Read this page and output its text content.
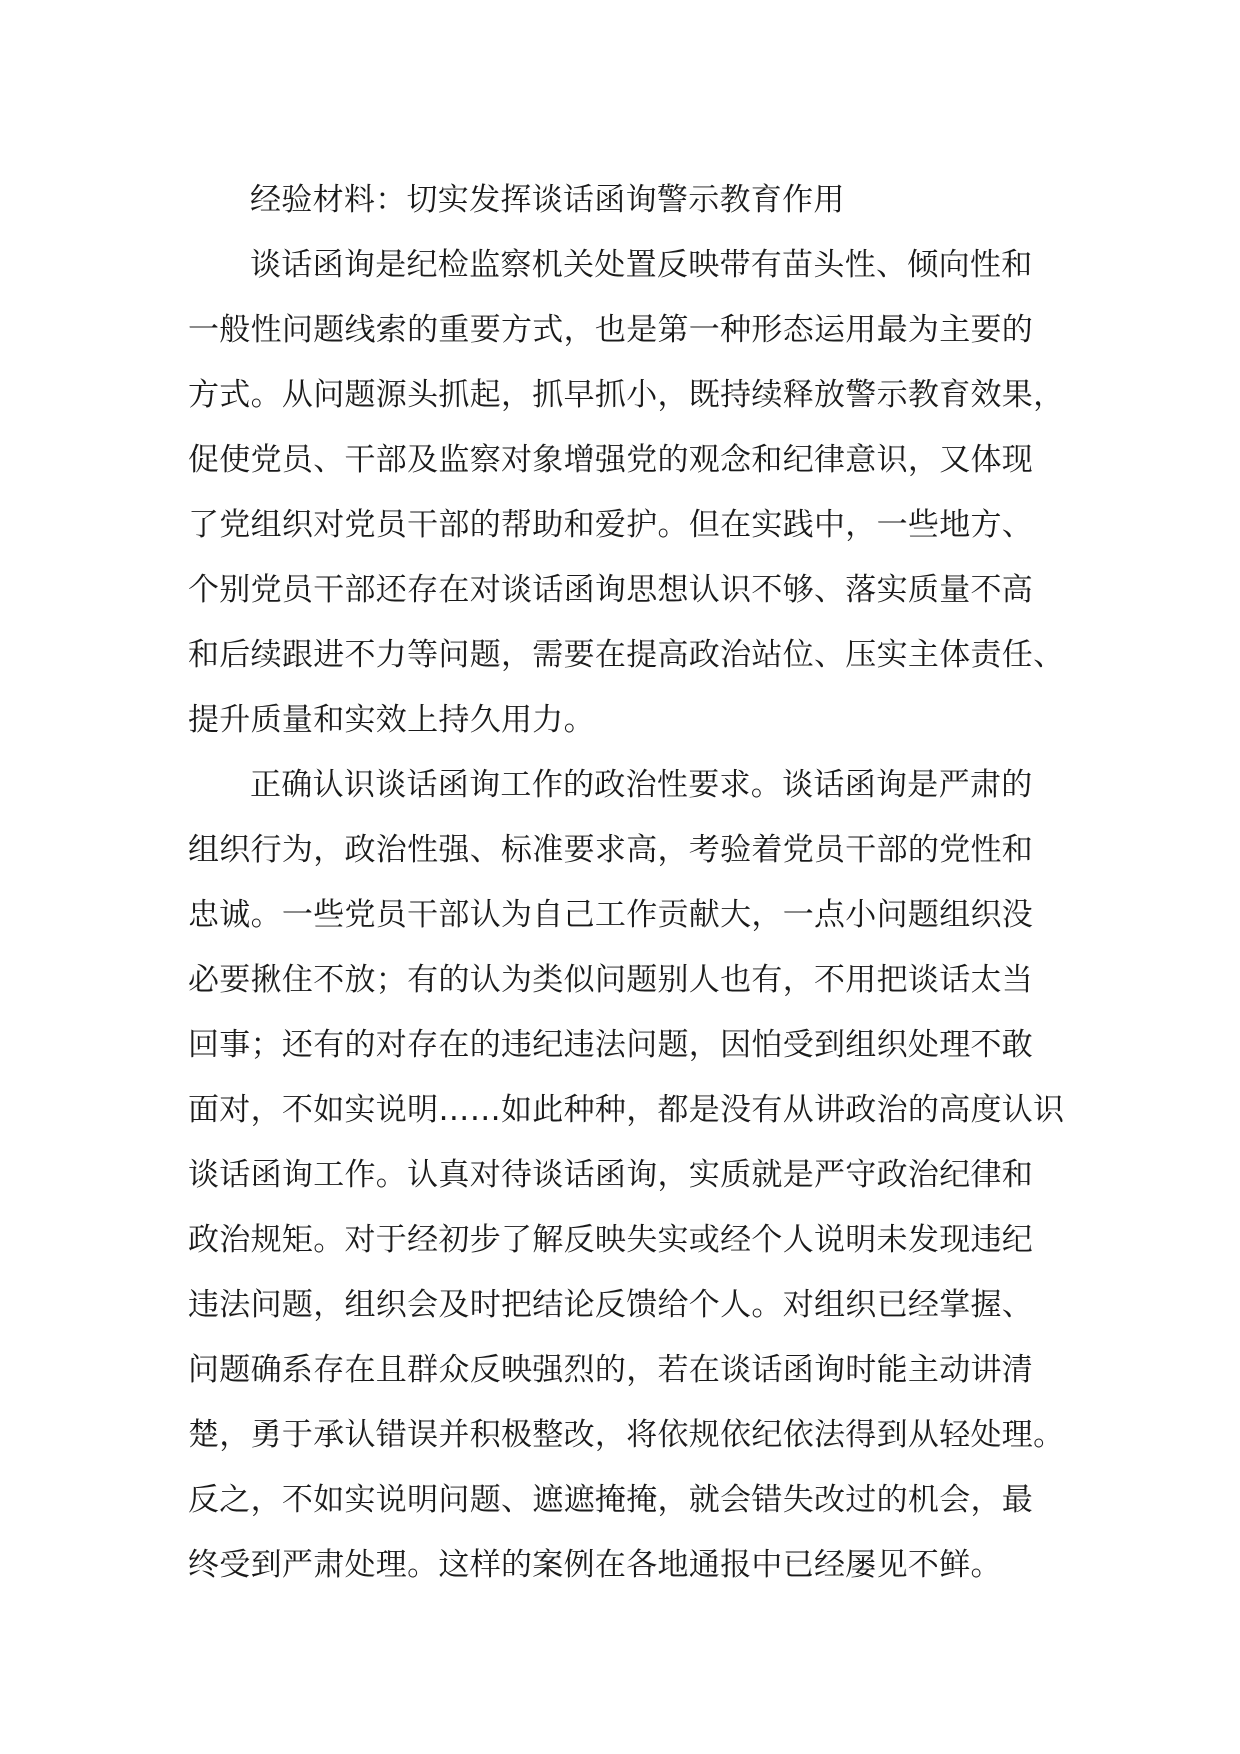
经验材料：切实发挥谈话函询警示教育作用
谈话函询是纪检监察机关处置反映带有苗头性、倾向性和
一般性问题线索的重要方式，也是第一种形态运用最为主要的
方式。从问题源头抓起，抓早抓小，既持续释放警示教育效果，
促使党员、干部及监察对象增强党的观念和纪律意识，又体现
了党组织对党员干部的帮助和爱护。但在实践中，一些地方、
个别党员干部还存在对谈话函询思想认识不够、落实质量不高
和后续跟进不力等问题，需要在提高政治站位、压实主体责任、
提升质量和实效上持久用力。
正确认识谈话函询工作的政治性要求。谈话函询是严肃的
组织行为，政治性强、标准要求高，考验着党员干部的党性和
忠诚。一些党员干部认为自己工作贡献大，一点小问题组织没
必要揪住不放；有的认为类似问题别人也有，不用把谈话太当
回事；还有的对存在的违纪违法问题，因怕受到组织处理不敢
面对，不如实说明……如此种种，都是没有从讲政治的高度认识
谈话函询工作。认真对待谈话函询，实质就是严守政治纪律和
政治规矩。对于经初步了解反映失实或经个人说明未发现违纪
违法问题，组织会及时把结论反馈给个人。对组织已经掌握、
问题确系存在且群众反映强烈的，若在谈话函询时能主动讲清
楚，勇于承认错误并积极整改，将依规依纪依法得到从轻处理。
反之，不如实说明问题、遮遮掩掩，就会错失改过的机会，最
终受到严肃处理。这样的案例在各地通报中已经屡见不鲜。
